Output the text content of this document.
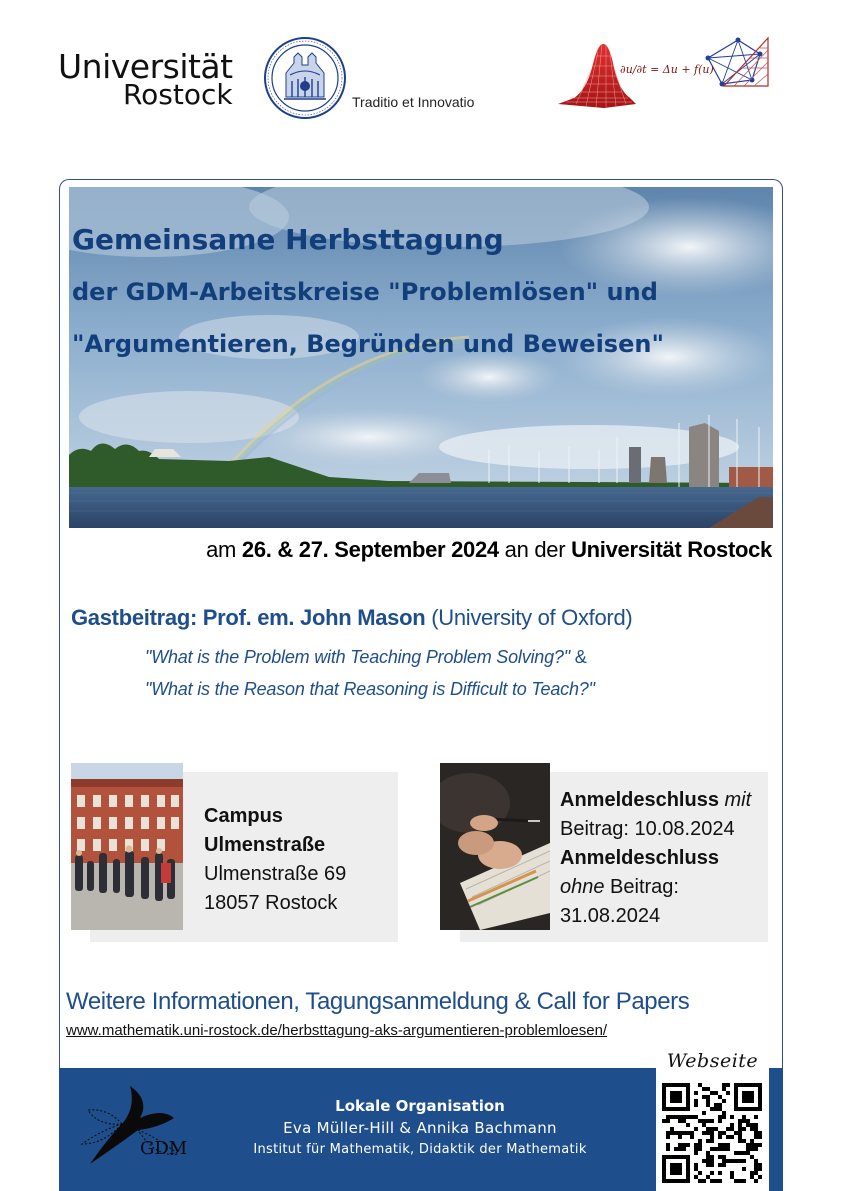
Universität
Rostock	Traditio et Innovatio
∂u/∂t = Δu + f(u)
Gemeinsame Herbsttagung
der GDM-Arbeitskreise "Problemlösen" und
"Argumentieren, Begründen und Beweisen"
am 26. & 27. September 2024 an der Universität Rostock
Gastbeitrag: Prof. em. John Mason (University of Oxford)
"What is the Problem with Teaching Problem Solving?" &
"What is the Reason that Reasoning is Difficult to Teach?"
Campus
Ulmenstraße
Ulmenstraße 69
18057 Rostock
Anmeldeschluss mit
Beitrag: 10.08.2024
Anmeldeschluss
ohne Beitrag:
31.08.2024
Weitere Informationen, Tagungsanmeldung & Call for Papers
www.mathematik.uni-rostock.de/herbsttagung-aks-argumentieren-problemloesen/
GDM
Lokale Organisation
Eva Müller-Hill & Annika Bachmann
Institut für Mathematik, Didaktik der Mathematik
Webseite
